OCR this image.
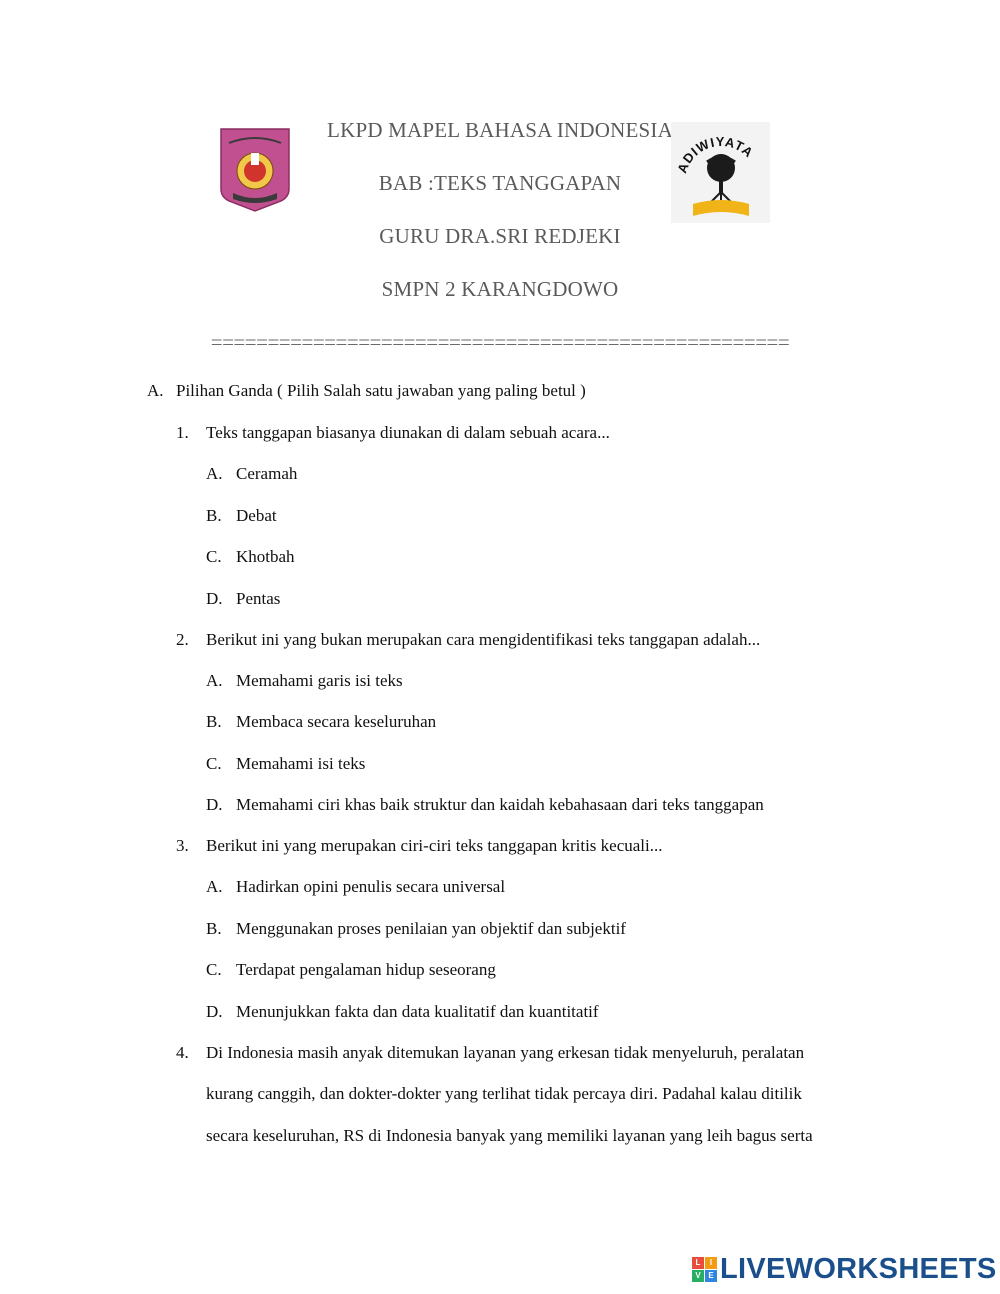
LKPD MAPEL BAHASA INDONESIA
BAB :TEKS TANGGAPAN
GURU DRA.SRI REDJEKI
SMPN 2 KARANGDOWO
ADIWIYATA
===================================================
A. Pilihan Ganda ( Pilih Salah satu jawaban yang paling betul )
1. Teks tanggapan biasanya diunakan di dalam sebuah acara...
A. Ceramah
B. Debat
C. Khotbah
D. Pentas
2. Berikut ini yang bukan merupakan cara mengidentifikasi teks tanggapan adalah...
A. Memahami garis isi teks
B. Membaca secara keseluruhan
C. Memahami isi teks
D. Memahami ciri khas baik struktur dan kaidah kebahasaan dari teks tanggapan
3. Berikut ini yang merupakan ciri-ciri teks tanggapan kritis kecuali...
A. Hadirkan opini penulis secara universal
B. Menggunakan proses penilaian yan objektif dan subjektif
C. Terdapat pengalaman hidup seseorang
D. Menunjukkan fakta dan data kualitatif dan kuantitatif
4. Di Indonesia masih anyak ditemukan layanan yang erkesan tidak menyeluruh, peralatan
kurang canggih, dan dokter-dokter yang terlihat tidak percaya diri. Padahal kalau ditilik
secara keseluruhan, RS di Indonesia banyak yang memiliki layanan yang leih bagus serta
L	I
V E LIVEWORKSHEETS
